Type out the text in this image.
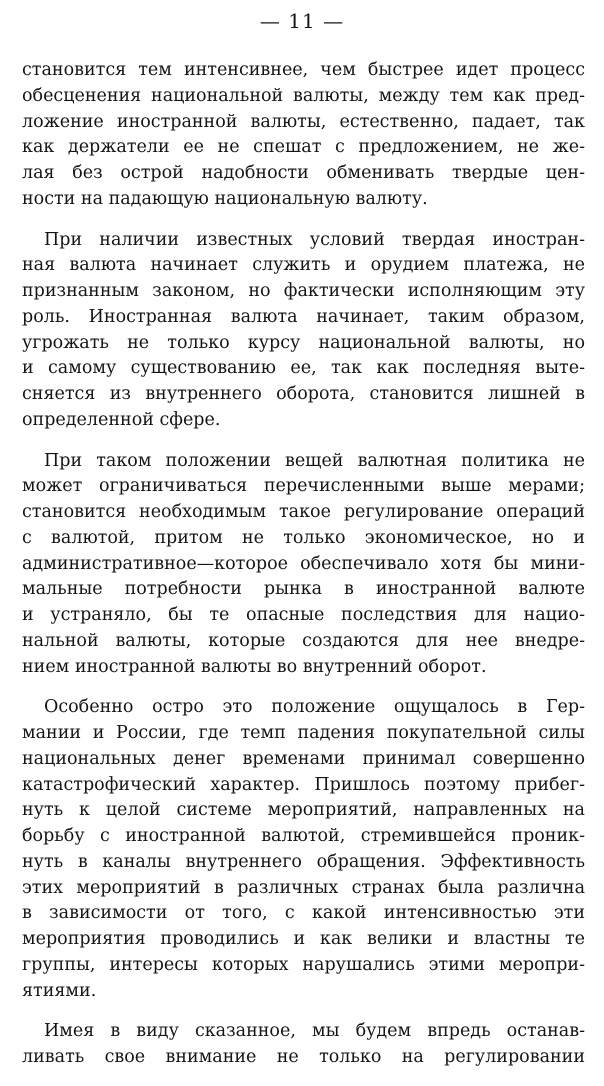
— 11 —

становится тем интенсивнее, чем быстрее идет процесс
обесценения национальной валюты, между тем как пред-
ложение иностранной валюты, естественно, падает, так
как держатели ее не спешат с предложением, не же-
лая без острой надобности обменивать твердые цен-
ности на падающую национальную валюту.

При наличии известных условий твердая иностран-
ная валюта начинает служить и орудием платежа, не
признанным законом, но фактически исполняющим эту
роль. Иностранная валюта начинает, таким образом,
угрожать не только курсу национальной валюты, но
и самому существованию ее, так как последняя выте-
сняется из внутреннего оборота, становится лишней в
определенной сфере.

При таком положении вещей валютная политика не
может ограничиваться перечисленными выше мерами;
становится необходимым такое регулирование операций
с валютой, притом не только экономическое, но и
административное—которое обеспечивало хотя бы мини-
мальные потребности рынка в иностранной валюте
и устраняло, бы те опасные последствия для нацио-
нальной валюты, которые создаются для нее внедре-
нием иностранной валюты во внутренний оборот.

Особенно остро это положение ощущалось в Гер-
мании и России, где темп падения покупательной силы
национальных денег временами принимал совершенно
катастрофический характер. Пришлось поэтому прибег-
нуть к целой системе мероприятий, направленных на
борьбу с иностранной валютой, стремившейся проник-
нуть в каналы внутреннего обращения. Эффективность
этих мероприятий в различных странах была различна
в зависимости от того, с какой интенсивностью эти
мероприятия проводились и как велики и властны те
группы, интересы которых нарушались этими меропри-
ятиями.

Имея в виду сказанное, мы будем впредь останав-
ливать свое внимание не только на регулировании
